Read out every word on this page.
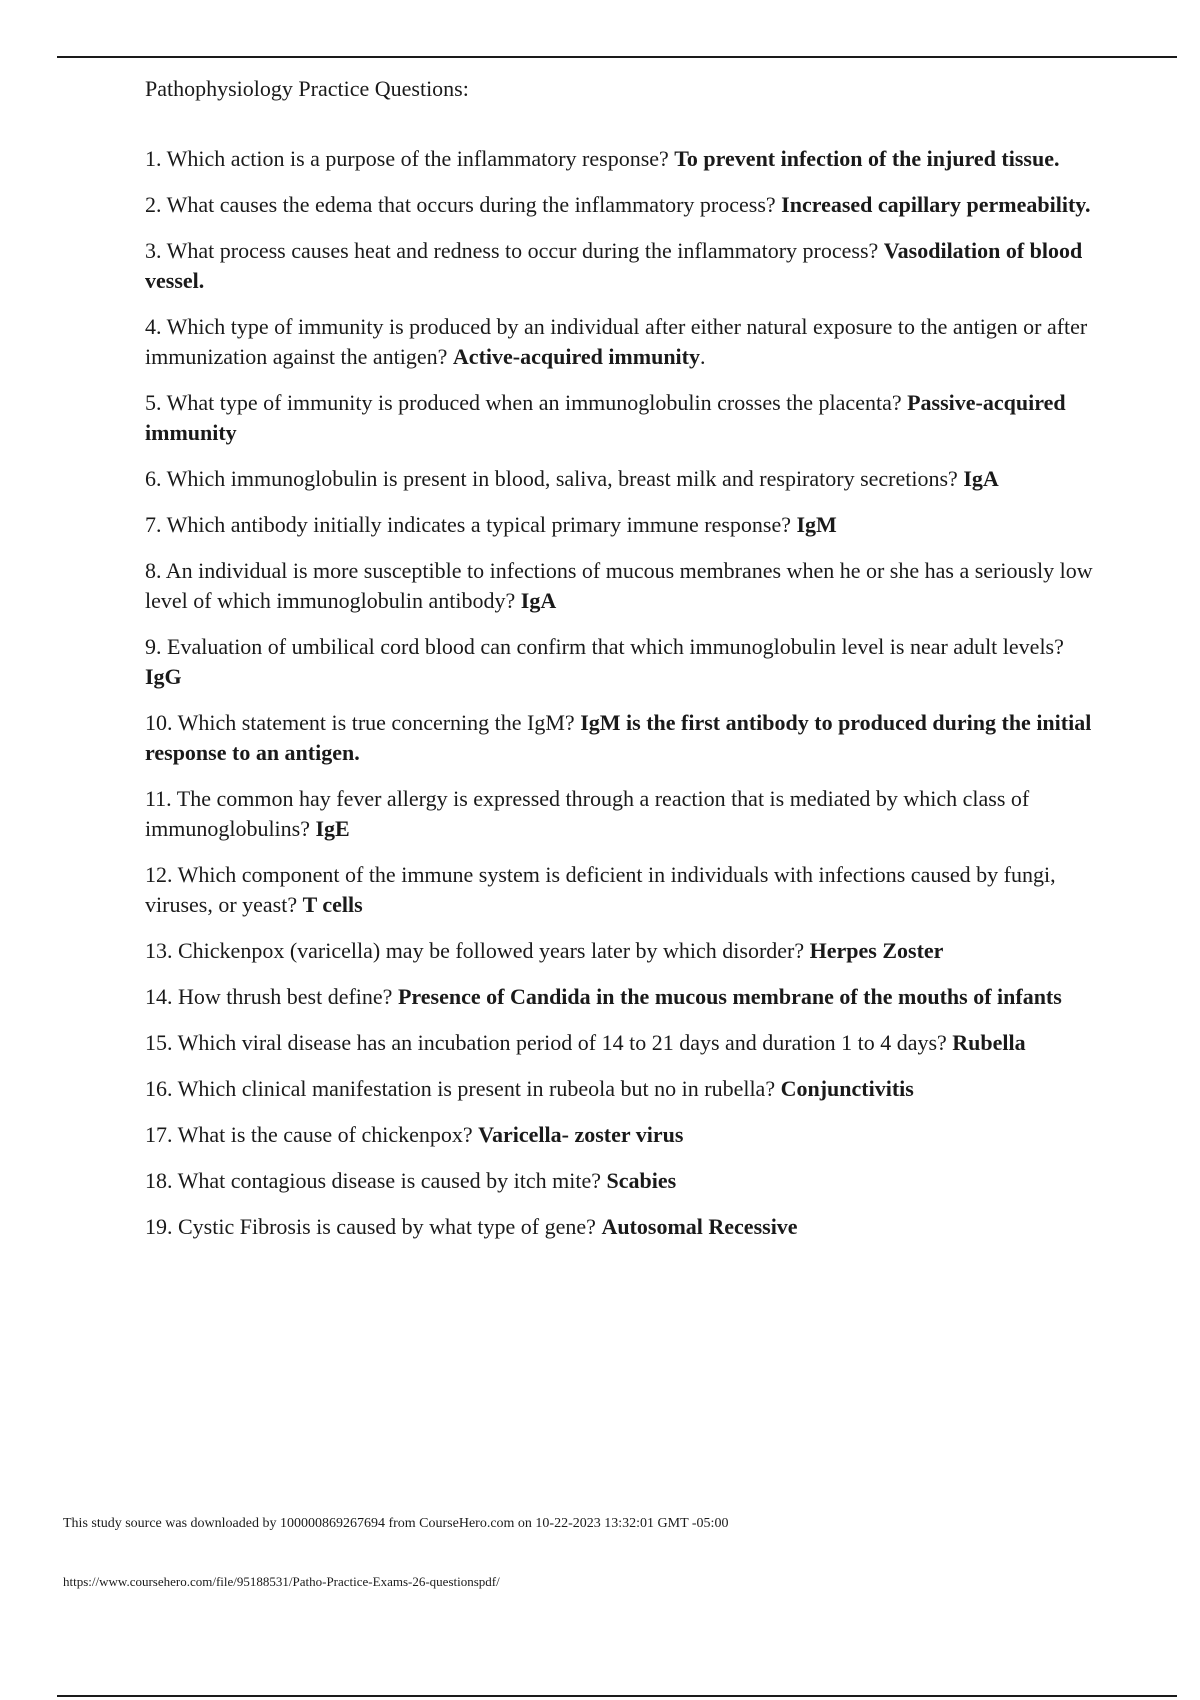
Pathophysiology Practice Questions:
1. Which action is a purpose of the inflammatory response? To prevent infection of the injured tissue.
2. What causes the edema that occurs during the inflammatory process? Increased capillary permeability.
3. What process causes heat and redness to occur during the inflammatory process? Vasodilation of blood vessel.
4. Which type of immunity is produced by an individual after either natural exposure to the antigen or after immunization against the antigen? Active-acquired immunity.
5. What type of immunity is produced when an immunoglobulin crosses the placenta? Passive-acquired immunity
6. Which immunoglobulin is present in blood, saliva, breast milk and respiratory secretions? IgA
7. Which antibody initially indicates a typical primary immune response? IgM
8. An individual is more susceptible to infections of mucous membranes when he or she has a seriously low level of which immunoglobulin antibody? IgA
9. Evaluation of umbilical cord blood can confirm that which immunoglobulin level is near adult levels? IgG
10. Which statement is true concerning the IgM? IgM is the first antibody to produced during the initial response to an antigen.
11. The common hay fever allergy is expressed through a reaction that is mediated by which class of immunoglobulins? IgE
12. Which component of the immune system is deficient in individuals with infections caused by fungi, viruses, or yeast? T cells
13. Chickenpox (varicella) may be followed years later by which disorder? Herpes Zoster
14. How thrush best define? Presence of Candida in the mucous membrane of the mouths of infants
15. Which viral disease has an incubation period of 14 to 21 days and duration 1 to 4 days? Rubella
16. Which clinical manifestation is present in rubeola but no in rubella? Conjunctivitis
17. What is the cause of chickenpox? Varicella- zoster virus
18. What contagious disease is caused by itch mite? Scabies
19. Cystic Fibrosis is caused by what type of gene? Autosomal Recessive

This study source was downloaded by 100000869267694 from CourseHero.com on 10-22-2023 13:32:01 GMT -05:00

https://www.coursehero.com/file/95188531/Patho-Practice-Exams-26-questionspdf/
